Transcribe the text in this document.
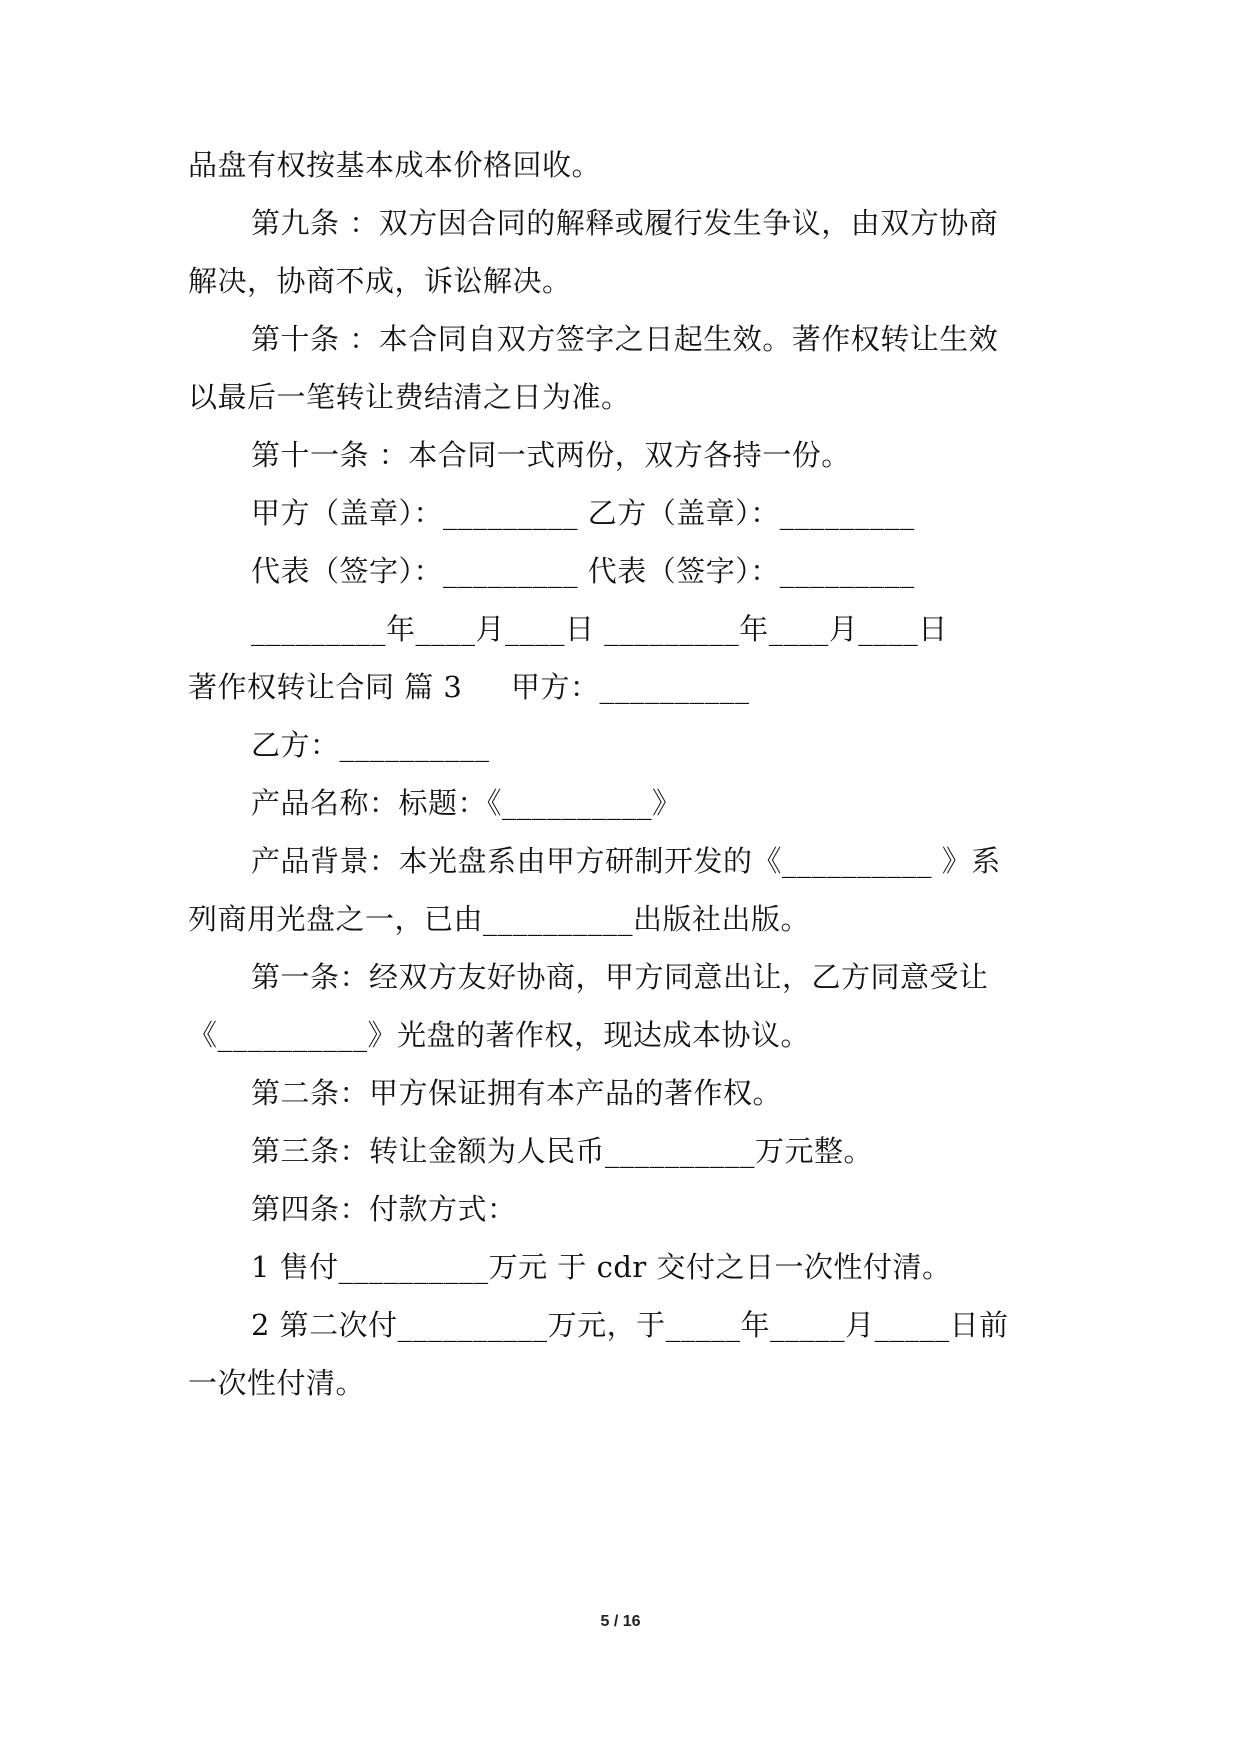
品盘有权按基本成本价格回收。
第九条 ：双方因合同的解释或履行发生争议，由双方协商
解决，协商不成，诉讼解决。
第十条 ：本合同自双方签字之日起生效。著作权转让生效
以最后一笔转让费结清之日为准。
第十一条 ：本合同一式两份，双方各持一份。
甲方（盖章）：_________ 乙方（盖章）：_________
代表（签字）：_________ 代表（签字）：_________
_________年____月____日 _________年____月____日
著作权转让合同 篇 3     甲方：__________
乙方：__________
产品名称：标题：《__________》
产品背景：本光盘系由甲方研制开发的《__________ 》系
列商用光盘之一，已由__________出版社出版。
第一条：经双方友好协商，甲方同意出让，乙方同意受让
《__________》光盘的著作权，现达成本协议。
第二条：甲方保证拥有本产品的著作权。
第三条：转让金额为人民币__________万元整。
第四条：付款方式：
1 售付__________万元 于 cdr 交付之日一次性付清。
2 第二次付__________万元，于_____年_____月_____日前
一次性付清。
5 / 16
